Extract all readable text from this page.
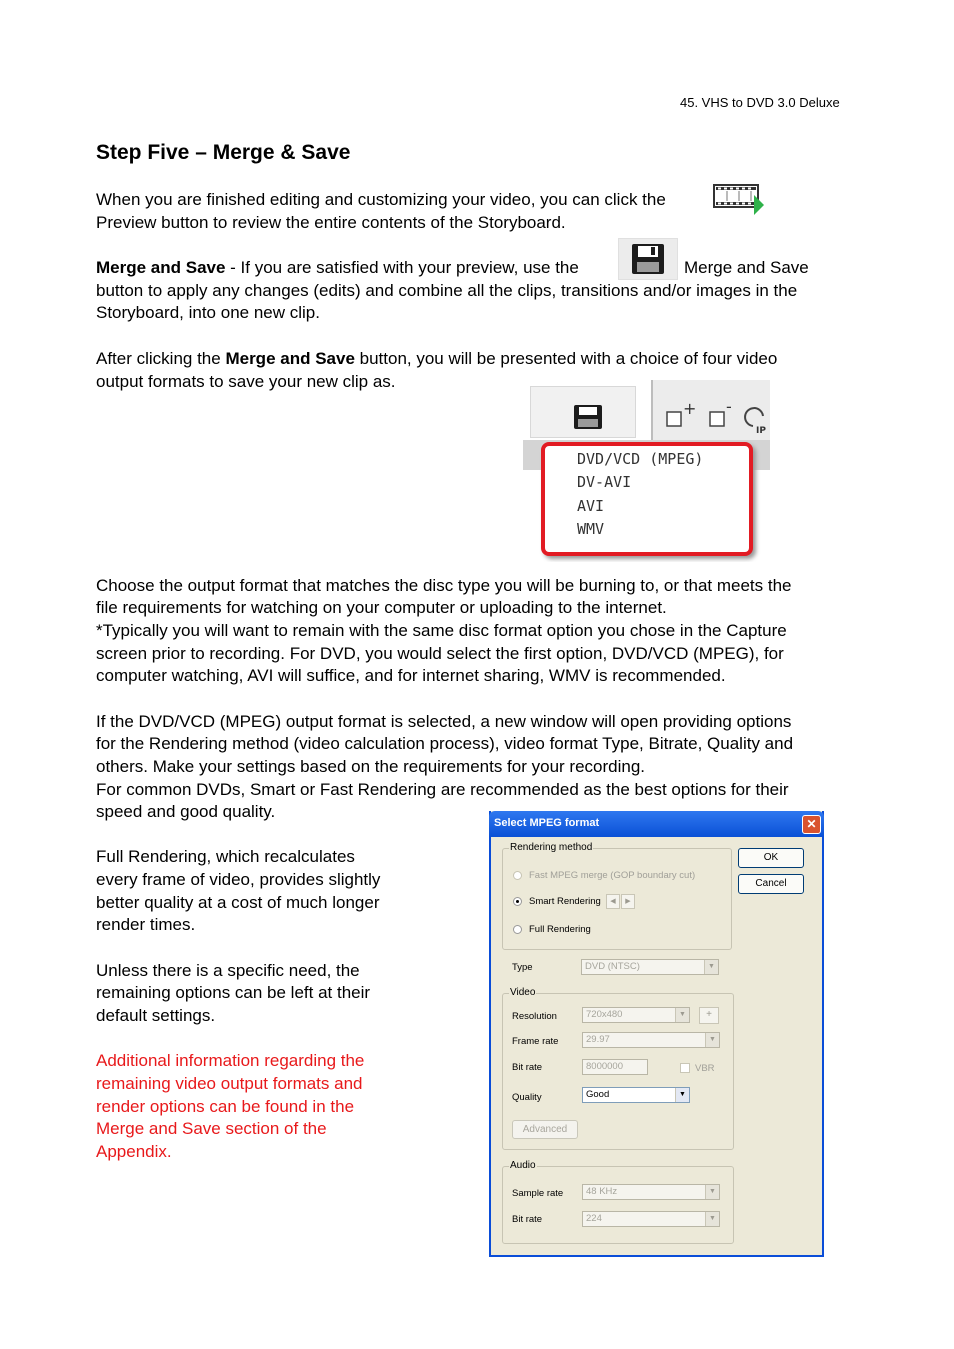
45. VHS to DVD 3.0 Deluxe
Step Five – Merge & Save
When you are finished editing and customizing your video, you can click the
Preview button to review the entire contents of the Storyboard.
Merge and Save - If you are satisfied with your preview, use the	Merge and Save
button to apply any changes (edits) and combine all the clips, transitions and/or images in the
Storyboard, into one new clip.
After clicking the Merge and Save button, you will be presented with a choice of four video
output formats to save your new clip as.
+ -
IP
DVD/VCD (MPEG)
DV-AVI
AVI
WMV
Choose the output format that matches the disc type you will be burning to, or that meets the
file requirements for watching on your computer or uploading to the internet.
*Typically you will want to remain with the same disc format option you chose in the Capture
screen prior to recording. For DVD, you would select the first option, DVD/VCD (MPEG), for
computer watching, AVI will suffice, and for internet sharing, WMV is recommended.
If the DVD/VCD (MPEG) output format is selected, a new window will open providing options
for the Rendering method (video calculation process), video format Type, Bitrate, Quality and
others. Make your settings based on the requirements for your recording.
For common DVDs, Smart or Fast Rendering are recommended as the best options for their
speed and good quality.
Full Rendering, which recalculates
every frame of video, provides slightly
better quality at a cost of much longer
render times.
Unless there is a specific need, the
remaining options can be left at their
default settings.
Additional information regarding the
remaining video output formats and
render options can be found in the
Merge and Save section of the
Appendix.
Select MPEG format	✕
OK
Cancel
Rendering method
Fast MPEG merge (GOP boundary cut)
Smart Rendering	◀	▶
Full Rendering
Type	DVD (NTSC)	▼
Video
Resolution	720x480	▼	+
Frame rate	29.97	▼
Bit rate	8000000	VBR
Quality	Good	▼
Advanced
Audio
Sample rate	48 KHz	▼
Bit rate	224	▼
